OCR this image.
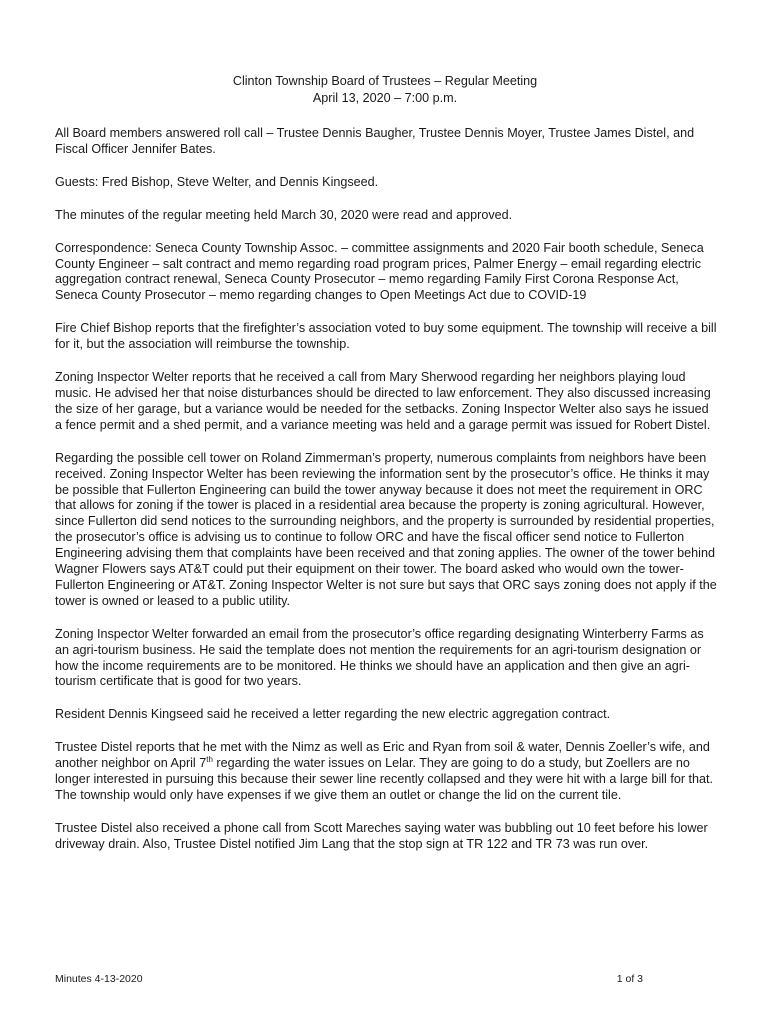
Clinton Township Board of Trustees – Regular Meeting
April 13, 2020 – 7:00 p.m.

All Board members answered roll call – Trustee Dennis Baugher, Trustee Dennis Moyer, Trustee James Distel, and Fiscal Officer Jennifer Bates.

Guests: Fred Bishop, Steve Welter, and Dennis Kingseed.

The minutes of the regular meeting held March 30, 2020 were read and approved.

Correspondence: Seneca County Township Assoc. – committee assignments and 2020 Fair booth schedule, Seneca County Engineer – salt contract and memo regarding road program prices, Palmer Energy – email regarding electric aggregation contract renewal, Seneca County Prosecutor – memo regarding Family First Corona Response Act, Seneca County Prosecutor – memo regarding changes to Open Meetings Act due to COVID-19

Fire Chief Bishop reports that the firefighter’s association voted to buy some equipment. The township will receive a bill for it, but the association will reimburse the township.

Zoning Inspector Welter reports that he received a call from Mary Sherwood regarding her neighbors playing loud music. He advised her that noise disturbances should be directed to law enforcement. They also discussed increasing the size of her garage, but a variance would be needed for the setbacks. Zoning Inspector Welter also says he issued a fence permit and a shed permit, and a variance meeting was held and a garage permit was issued for Robert Distel.

Regarding the possible cell tower on Roland Zimmerman’s property, numerous complaints from neighbors have been received. Zoning Inspector Welter has been reviewing the information sent by the prosecutor’s office. He thinks it may be possible that Fullerton Engineering can build the tower anyway because it does not meet the requirement in ORC that allows for zoning if the tower is placed in a residential area because the property is zoning agricultural. However, since Fullerton did send notices to the surrounding neighbors, and the property is surrounded by residential properties, the prosecutor’s office is advising us to continue to follow ORC and have the fiscal officer send notice to Fullerton Engineering advising them that complaints have been received and that zoning applies. The owner of the tower behind Wagner Flowers says AT&T could put their equipment on their tower. The board asked who would own the tower- Fullerton Engineering or AT&T. Zoning Inspector Welter is not sure but says that ORC says zoning does not apply if the tower is owned or leased to a public utility.

Zoning Inspector Welter forwarded an email from the prosecutor’s office regarding designating Winterberry Farms as an agri-tourism business. He said the template does not mention the requirements for an agri-tourism designation or how the income requirements are to be monitored. He thinks we should have an application and then give an agri-tourism certificate that is good for two years.

Resident Dennis Kingseed said he received a letter regarding the new electric aggregation contract.

Trustee Distel reports that he met with the Nimz as well as Eric and Ryan from soil & water, Dennis Zoeller’s wife, and another neighbor on April 7th regarding the water issues on Lelar. They are going to do a study, but Zoellers are no longer interested in pursuing this because their sewer line recently collapsed and they were hit with a large bill for that. The township would only have expenses if we give them an outlet or change the lid on the current tile.

Trustee Distel also received a phone call from Scott Mareches saying water was bubbling out 10 feet before his lower driveway drain. Also, Trustee Distel notified Jim Lang that the stop sign at TR 122 and TR 73 was run over.

Minutes 4-13-2020	1 of 3
